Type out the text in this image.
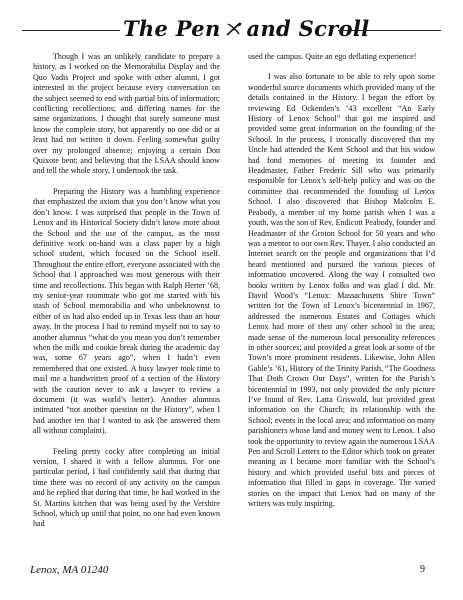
The Pen and Scroll

Though I was an unlikely candidate to prepare a history, as I worked on the Memorabilia Display and the Quo Vadis Project and spoke with other alumni, I got interested in the project because every conversation on the subject seemed to end with partial bits of information; conflicting recollections; and differing names for the same organizations. I thought that surely someone must know the complete story, but apparently no one did or at least had not written it down. Feeling somewhat guilty over my prolonged absence; enjoying a certain Don Quixote bent; and believing that the LSAA should know and tell the whole story, I undertook the task.

Preparing the History was a humbling experience that emphasized the axiom that you don’t know what you don’t know. I was surprised that people in the Town of Lenox and its Historical Society didn’t know more about the School and the use of the campus, as the most definitive work on-hand was a class paper by a high school student, which focused on the School itself. Throughout the entire effort, everyone associated with the School that I approached was most generous with their time and recollections. This began with Ralph Herter ’68, my senior-year roommate who got me started with his stash of School memorabilia and who unbeknownst to either of us had also ended up in Texas less than an hour away. In the process I had to remind myself not to say to another alumnus “what do you mean you don’t remember when the milk and cookie break during the academic day was, some 67 years ago”, when I hadn’t even remembered that one existed. A busy lawyer took time to mail me a handwritten proof of a section of the History with the caution never to ask a lawyer to review a document (it was world’s better). Another alumnus intimated “not another question on the History”, when I had another ten that I wanted to ask (he answered them all without complaint).

Feeling pretty cocky after completing an initial version, I shared it with a fellow alumnus. For one particular period, I had confidently said that during that time there was no record of any activity on the campus and he replied that during that time, he had worked in the St. Martins kitchen that was being used by the Vershire School, which up until that point, no one had even known had

used the campus. Quite an ego deflating experience!

I was also fortunate to be able to rely upon some wonderful source documents which provided many of the details contained in the History. I began the effort by reviewing Ed Ockenden’s ’43 excellent “An Early History of Lenox School” that got me inspired and provided some great information on the founding of the School. In the process, I ironically discovered that my Uncle had attended the Kent School and that his widow had fond memories of meeting its founder and Headmaster, Father Frederic Sill who was primarily responsible for Lenox’s self-help policy and was on the committee that recommended the founding of Lenox School. I also discovered that Bishop Malcolm E. Peabody, a member of my home parish when I was a youth, was the son of Rev. Endicott Peabody, founder and Headmaster of the Groton School for 50 years and who was a mentor to our own Rev. Thayer. I also conducted an Internet search on the people and organizations that I’d heard mentioned and pursued the various pieces of information uncovered. Along the way I consulted two books written by Lenox folks and was glad I did. Mr. David Wood’s “Lenox: Massachusetts Shire Town” written for the Town of Lenox’s bicentennial in 1967, addressed the numerous Estates and Cottages which Lenox had more of then any other school in the area; made sense of the numerous local personality references in other sources; and provided a great look at some of the Town’s more prominent residents. Likewise, John Allen Gable’s ’61, History of the Trinity Parish, “The Goodness That Doth Crown Our Days”, written for the Parish’s bicentennial in 1993, not only provided the only picture I’ve found of Rev. Latta Griswold, but provided great information on the Church; its relationship with the School; events in the local area; and information on many parishioners whose land and money went to Lenox. I also took the opportunity to review again the numerous LSAA Pen and Scroll Letters to the Editor which took on greater meaning as I became more familiar with the School’s history and which provided useful bits and pieces of information that filled in gaps in coverage. The varied stories on the impact that Lenox had on many of the writers was truly inspiring.

Lenox, MA 01240	9
